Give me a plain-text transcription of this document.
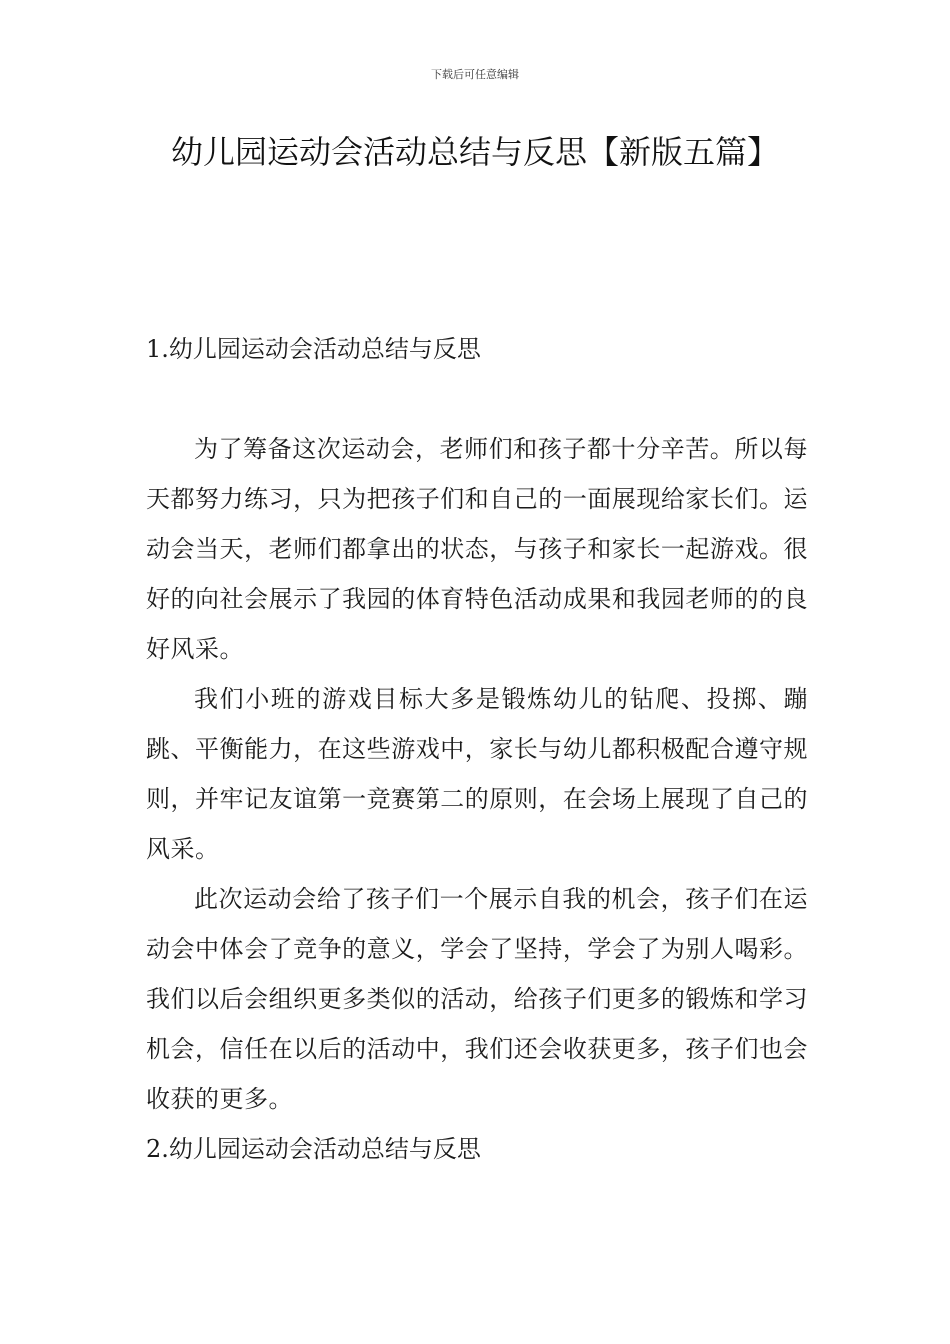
下载后可任意编辑
幼儿园运动会活动总结与反思【新版五篇】
1.幼儿园运动会活动总结与反思

为了筹备这次运动会，老师们和孩子都十分辛苦。所以每天都努力练习，只为把孩子们和自己的一面展现给家长们。运动会当天，老师们都拿出的状态，与孩子和家长一起游戏。很好的向社会展示了我园的体育特色活动成果和我园老师的的良好风采。

我们小班的游戏目标大多是锻炼幼儿的钻爬、投掷、蹦跳、平衡能力，在这些游戏中，家长与幼儿都积极配合遵守规则，并牢记友谊第一竞赛第二的原则，在会场上展现了自己的风采。

此次运动会给了孩子们一个展示自我的机会，孩子们在运动会中体会了竞争的意义，学会了坚持，学会了为别人喝彩。我们以后会组织更多类似的活动，给孩子们更多的锻炼和学习机会，信任在以后的活动中，我们还会收获更多，孩子们也会收获的更多。

2.幼儿园运动会活动总结与反思
